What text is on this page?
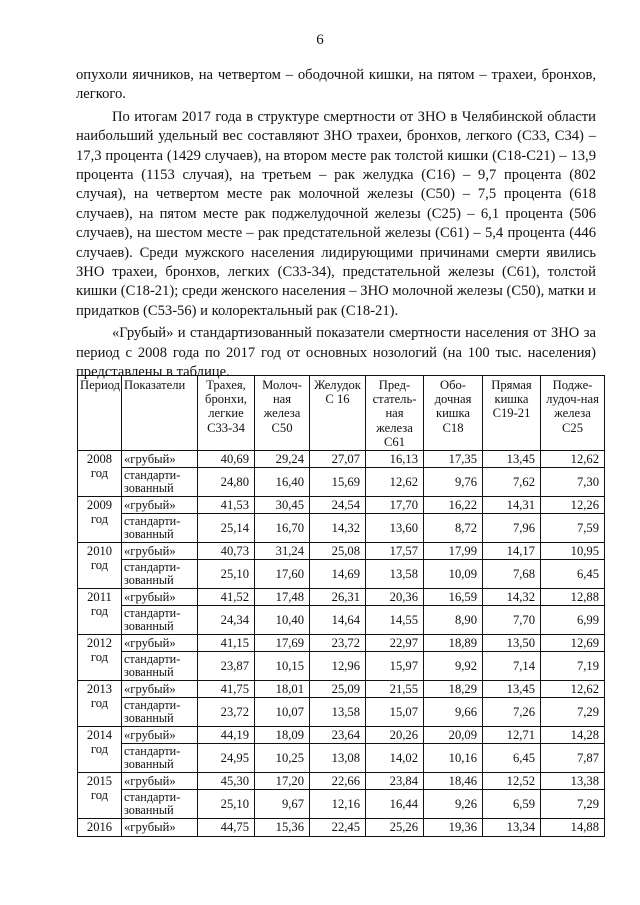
6

опухоли яичников, на четвертом – ободочной кишки, на пятом – трахеи, бронхов, легкого.

По итогам 2017 года в структуре смертности от ЗНО в Челябинской области наибольший удельный вес составляют ЗНО трахеи, бронхов, легкого (C33, C34) – 17,3 процента (1429 случаев), на втором месте рак толстой кишки (C18-C21) – 13,9 процента (1153 случая), на третьем – рак желудка (C16) – 9,7 процента (802 случая), на четвертом месте рак молочной железы (C50) – 7,5 процента (618 случаев), на пятом месте рак поджелудочной железы (C25) – 6,1 процента (506 случаев), на шестом месте – рак предстательной железы (C61) – 5,4 процента (446 случаев). Среди мужского населения лидирующими причинами смерти явились ЗНО трахеи, бронхов, легких (C33-34), предстательной железы (C61), толстой кишки (C18-21); среди женского населения – ЗНО молочной железы (C50), матки и придатков (C53-56) и колоректальный рак (C18-21).

«Грубый» и стандартизованный показатели смертности населения от ЗНО за период с 2008 года по 2017 год от основных нозологий (на 100 тыс. населения) представлены в таблице.

Период	Показатели	Трахея, бронхи, легкие C33-34	Молоч-ная железа C50	Желудок C 16	Пред-статель-ная железа C61	Обо-дочная кишка C18	Прямая кишка C19-21	Подже-лудоч-ная железа C25
2008 год	«грубый»	40,69	29,24	27,07	16,13	17,35	13,45	12,62
	стандарти-зованный	24,80	16,40	15,69	12,62	9,76	7,62	7,30
2009 год	«грубый»	41,53	30,45	24,54	17,70	16,22	14,31	12,26
	стандарти-зованный	25,14	16,70	14,32	13,60	8,72	7,96	7,59
2010 год	«грубый»	40,73	31,24	25,08	17,57	17,99	14,17	10,95
	стандарти-зованный	25,10	17,60	14,69	13,58	10,09	7,68	6,45
2011 год	«грубый»	41,52	17,48	26,31	20,36	16,59	14,32	12,88
	стандарти-зованный	24,34	10,40	14,64	14,55	8,90	7,70	6,99
2012 год	«грубый»	41,15	17,69	23,72	22,97	18,89	13,50	12,69
	стандарти-зованный	23,87	10,15	12,96	15,97	9,92	7,14	7,19
2013 год	«грубый»	41,75	18,01	25,09	21,55	18,29	13,45	12,62
	стандарти-зованный	23,72	10,07	13,58	15,07	9,66	7,26	7,29
2014 год	«грубый»	44,19	18,09	23,64	20,26	20,09	12,71	14,28
	стандарти-зованный	24,95	10,25	13,08	14,02	10,16	6,45	7,87
2015 год	«грубый»	45,30	17,20	22,66	23,84	18,46	12,52	13,38
	стандарти-зованный	25,10	9,67	12,16	16,44	9,26	6,59	7,29
2016	«грубый»	44,75	15,36	22,45	25,26	19,36	13,34	14,88
